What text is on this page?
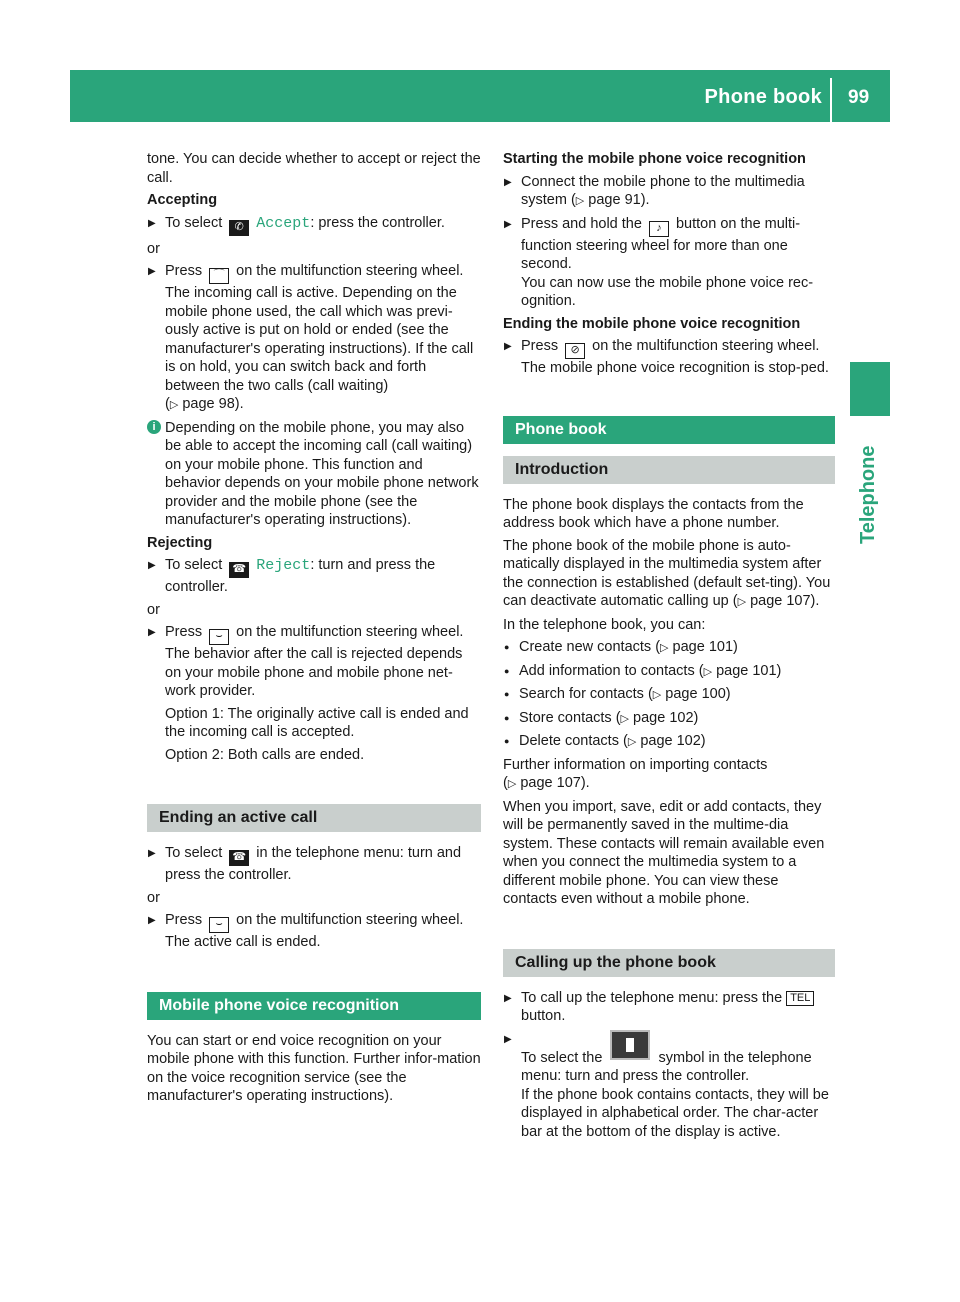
Phone book 99
Telephone

tone. You can decide whether to accept or reject the call.

Accepting

▶ To select ✆ Accept: press the controller.

or

▶ Press ⌒ on the multifunction steering wheel.
The incoming call is active. Depending on the mobile phone used, the call which was previ-ously active is put on hold or ended (see the manufacturer's operating instructions). If the call is on hold, you can switch back and forth between the two calls (call waiting)
(▷ page 98).
i Depending on the mobile phone, you may also be able to accept the incoming call (call waiting) on your mobile phone. This function and behavior depends on your mobile phone network provider and the mobile phone (see the manufacturer's operating instructions).

Rejecting

▶ To select ☎ Reject: turn and press the controller.

or

▶ Press ⌣ on the multifunction steering wheel.
The behavior after the call is rejected depends on your mobile phone and mobile phone net-work provider.

Option 1: The originally active call is ended and the incoming call is accepted.

Option 2: Both calls are ended.

Ending an active call
▶ To select ☎ in the telephone menu: turn and press the controller.

or

▶ Press ⌣ on the multifunction steering wheel.
The active call is ended.
Mobile phone voice recognition

You can start or end voice recognition on your mobile phone with this function. Further infor-mation on the voice recognition service (see the manufacturer's operating instructions).

Starting the mobile phone voice recognition

▶ Connect the mobile phone to the multimedia system (▷ page 91).
▶ Press and hold the ♪ button on the multi-function steering wheel for more than one second.
You can now use the mobile phone voice rec-ognition.

Ending the mobile phone voice recognition

▶ Press ⊘ on the multifunction steering wheel.
The mobile phone voice recognition is stop-ped.
Phone book
Introduction

The phone book displays the contacts from the address book which have a phone number.

The phone book of the mobile phone is auto-matically displayed in the multimedia system after the connection is established (default set-ting). You can deactivate automatic calling up (▷ page 107).

In the telephone book, you can:

● Create new contacts (▷ page 101)
● Add information to contacts (▷ page 101)
● Search for contacts (▷ page 100)
● Store contacts (▷ page 102)
● Delete contacts (▷ page 102)

Further information on importing contacts
(▷ page 107).

When you import, save, edit or add contacts, they will be permanently saved in the multime-dia system. These contacts will remain available even when you connect the multimedia system to a different mobile phone. You can view these contacts even without a mobile phone.

Calling up the phone book
▶ To call up the telephone menu: press the TEL button.
▶ To select the	symbol in the telephone menu: turn and press the controller.
If the phone book contains contacts, they will be displayed in alphabetical order. The char-acter bar at the bottom of the display is active.
